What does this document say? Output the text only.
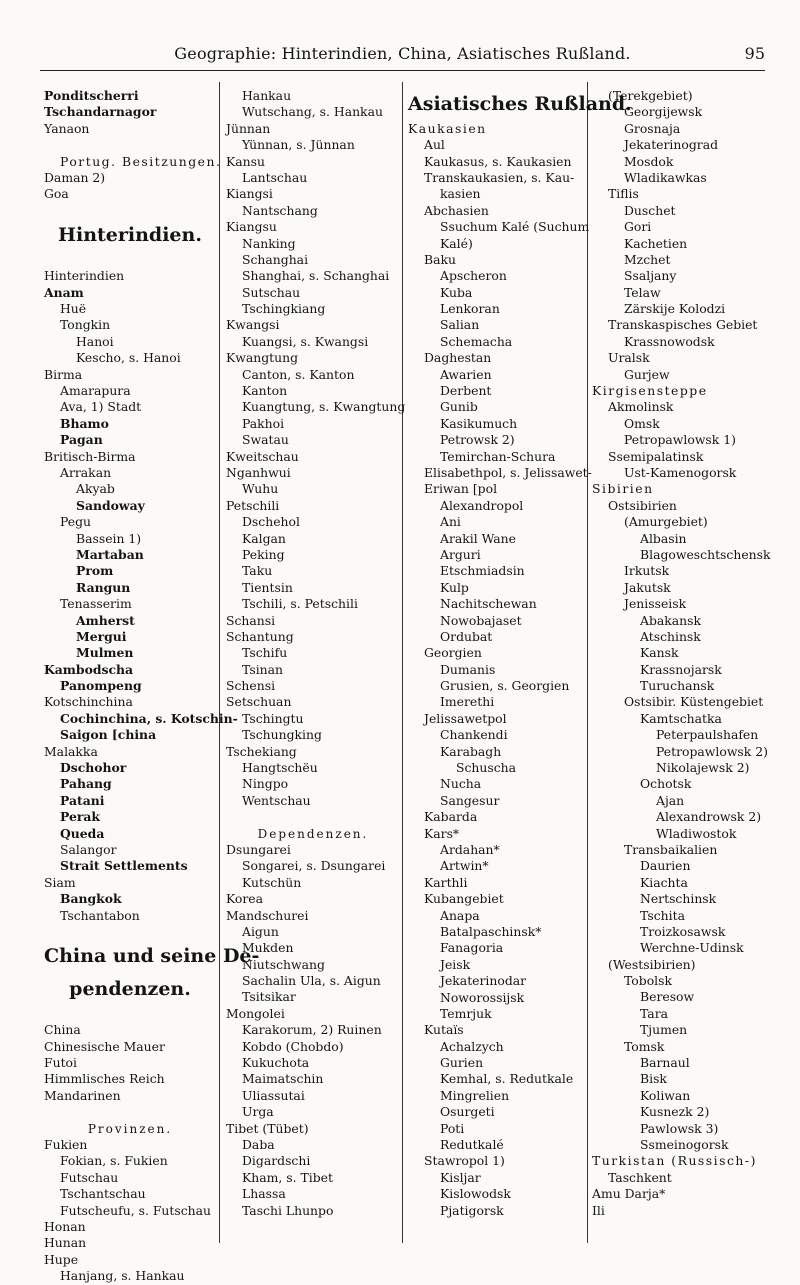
Geographie: Hinterindien, China, Asiatisches Rußland.	95
Ponditscherri
Tschandarnagor
Yanaon
Portug. Besitzungen.
Daman 2)
Goa
Hinterindien.
Hinterindien
Anam
Huë
Tongkin
Hanoi
Kescho, s. Hanoi
Birma
Amarapura
Ava, 1) Stadt
Bhamo
Pagan
Britisch-Birma
Arrakan
Akyab
Sandoway
Pegu
Bassein 1)
Martaban
Prom
Rangun
Tenasserim
Amherst
Mergui
Mulmen
Kambodscha
Panompeng
Kotschinchina
Cochinchina, s. Kotschin-
Saigon [china
Malakka
Dschohor
Pahang
Patani
Perak
Queda
Salangor
Strait Settlements
Siam
Bangkok
Tschantabon
China und seine De-
pendenzen.
China
Chinesische Mauer
Futoi
Himmlisches Reich
Mandarinen
Provinzen.
Fukien
Fokian, s. Fukien
Futschau
Tschantschau
Futscheufu, s. Futschau
Honan
Hunan
Hupe
Hanjang, s. Hankau
Hankau
Wutschang, s. Hankau
Jünnan
Yünnan, s. Jünnan
Kansu
Lantschau
Kiangsi
Nantschang
Kiangsu
Nanking
Schanghai
Shanghai, s. Schanghai
Sutschau
Tschingkiang
Kwangsi
Kuangsi, s. Kwangsi
Kwangtung
Canton, s. Kanton
Kanton
Kuangtung, s. Kwangtung
Pakhoi
Swatau
Kweitschau
Nganhwui
Wuhu
Petschili
Dschehol
Kalgan
Peking
Taku
Tientsin
Tschili, s. Petschili
Schansi
Schantung
Tschifu
Tsinan
Schensi
Setschuan
Tschingtu
Tschungking
Tschekiang
Hangtschëu
Ningpo
Wentschau
Dependenzen.
Dsungarei
Songarei, s. Dsungarei
Kutschün
Korea
Mandschurei
Aigun
Mukden
Niutschwang
Sachalin Ula, s. Aigun
Tsitsikar
Mongolei
Karakorum, 2) Ruinen
Kobdo (Chobdo)
Kukuchota
Maimatschin
Uliassutai
Urga
Tibet (Tübet)
Daba
Digardschi
Kham, s. Tibet
Lhassa
Taschi Lhunpo
Asiatisches Rußland.
Kaukasien
Aul
Kaukasus, s. Kaukasien
Transkaukasien, s. Kau-
kasien
Abchasien
Ssuchum Kalé (Suchum
Kalé)
Baku
Apscheron
Kuba
Lenkoran
Salian
Schemacha
Daghestan
Awarien
Derbent
Gunib
Kasikumuch
Petrowsk 2)
Temirchan-Schura
Elisabethpol, s. Jelissawet-
Eriwan [pol
Alexandropol
Ani
Arakil Wane
Arguri
Etschmiadsin
Kulp
Nachitschewan
Nowobajaset
Ordubat
Georgien
Dumanis
Grusien, s. Georgien
Imerethi
Jelissawetpol
Chankendi
Karabagh
Schuscha
Nucha
Sangesur
Kabarda
Kars*
Ardahan*
Artwin*
Karthli
Kubangebiet
Anapa
Batalpaschinsk*
Fanagoria
Jeisk
Jekaterinodar
Noworossijsk
Temrjuk
Kutaïs
Achalzych
Gurien
Kemhal, s. Redutkale
Mingrelien
Osurgeti
Poti
Redutkalé
Stawropol 1)
Kisljar
Kislowodsk
Pjatigorsk
(Terekgebiet)
Georgijewsk
Grosnaja
Jekaterinograd
Mosdok
Wladikawkas
Tiflis
Duschet
Gori
Kachetien
Mzchet
Ssaljany
Telaw
Zärskije Kolodzi
Transkaspisches Gebiet
Krassnowodsk
Uralsk
Gurjew
Kirgisensteppe
Akmolinsk
Omsk
Petropawlowsk 1)
Ssemipalatinsk
Ust-Kamenogorsk
Sibirien
Ostsibirien
(Amurgebiet)
Albasin
Blagoweschtschensk
Irkutsk
Jakutsk
Jenisseisk
Abakansk
Atschinsk
Kansk
Krassnojarsk
Turuchansk
Ostsibir. Küstengebiet
Kamtschatka
Peterpaulshafen
Petropawlowsk 2)
Nikolajewsk 2)
Ochotsk
Ajan
Alexandrowsk 2)
Wladiwostok
Transbaikalien
Daurien
Kiachta
Nertschinsk
Tschita
Troizkosawsk
Werchne-Udinsk
(Westsibirien)
Tobolsk
Beresow
Tara
Tjumen
Tomsk
Barnaul
Bisk
Koliwan
Kusnezk 2)
Pawlowsk 3)
Ssmeinogorsk
Turkistan (Russisch-)
Taschkent
Amu Darja*
Ili
